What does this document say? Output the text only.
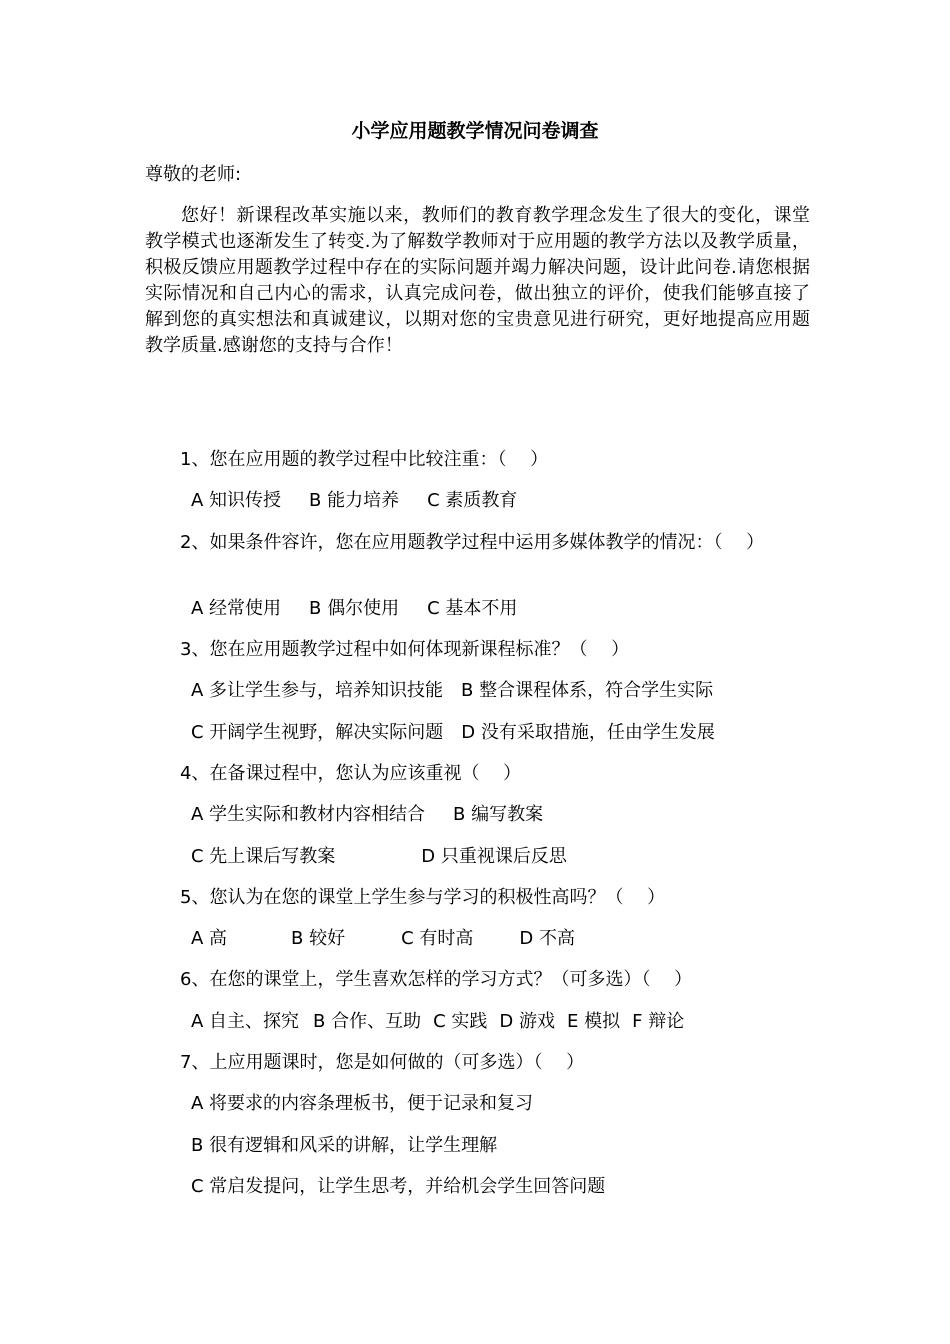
小学应用题教学情况问卷调查
尊敬的老师:

您好！新课程改革实施以来，教师们的教育教学理念发生了很大的变化，课堂教学模式也逐渐发生了转变.为了解数学教师对于应用题的教学方法以及教学质量，积极反馈应用题教学过程中存在的实际问题并竭力解决问题，设计此问卷.请您根据实际情况和自己内心的需求，认真完成问卷，做出独立的评价，使我们能够直接了解到您的真实想法和真诚建议，以期对您的宝贵意见进行研究，更好地提高应用题教学质量.感谢您的支持与合作！

1、您在应用题的教学过程中比较注重：（　 ）
A 知识传授 B 能力培养 C 素质教育
2、如果条件容许，您在应用题教学过程中运用多媒体教学的情况：（　 ）
A 经常使用 B 偶尔使用 C 基本不用
3、您在应用题教学过程中如何体现新课程标准？（　 ）
A 多让学生参与，培养知识技能 B 整合课程体系，符合学生实际
C 开阔学生视野，解决实际问题 D 没有采取措施，任由学生发展
4、在备课过程中，您认为应该重视（　 ）
A 学生实际和教材内容相结合 B 编写教案
C 先上课后写教案	D 只重视课后反思
5、您认为在您的课堂上学生参与学习的积极性高吗？（　 ）
A 高	B 较好	C 有时高	D 不高
6、在您的课堂上，学生喜欢怎样的学习方式？（可多选）（　 ）
A 自主、探究 B 合作、互助 C 实践 D 游戏 E 模拟 F 辩论
7、上应用题课时，您是如何做的（可多选）（　 ）
A 将要求的内容条理板书，便于记录和复习
B 很有逻辑和风采的讲解，让学生理解
C 常启发提问，让学生思考，并给机会学生回答问题
